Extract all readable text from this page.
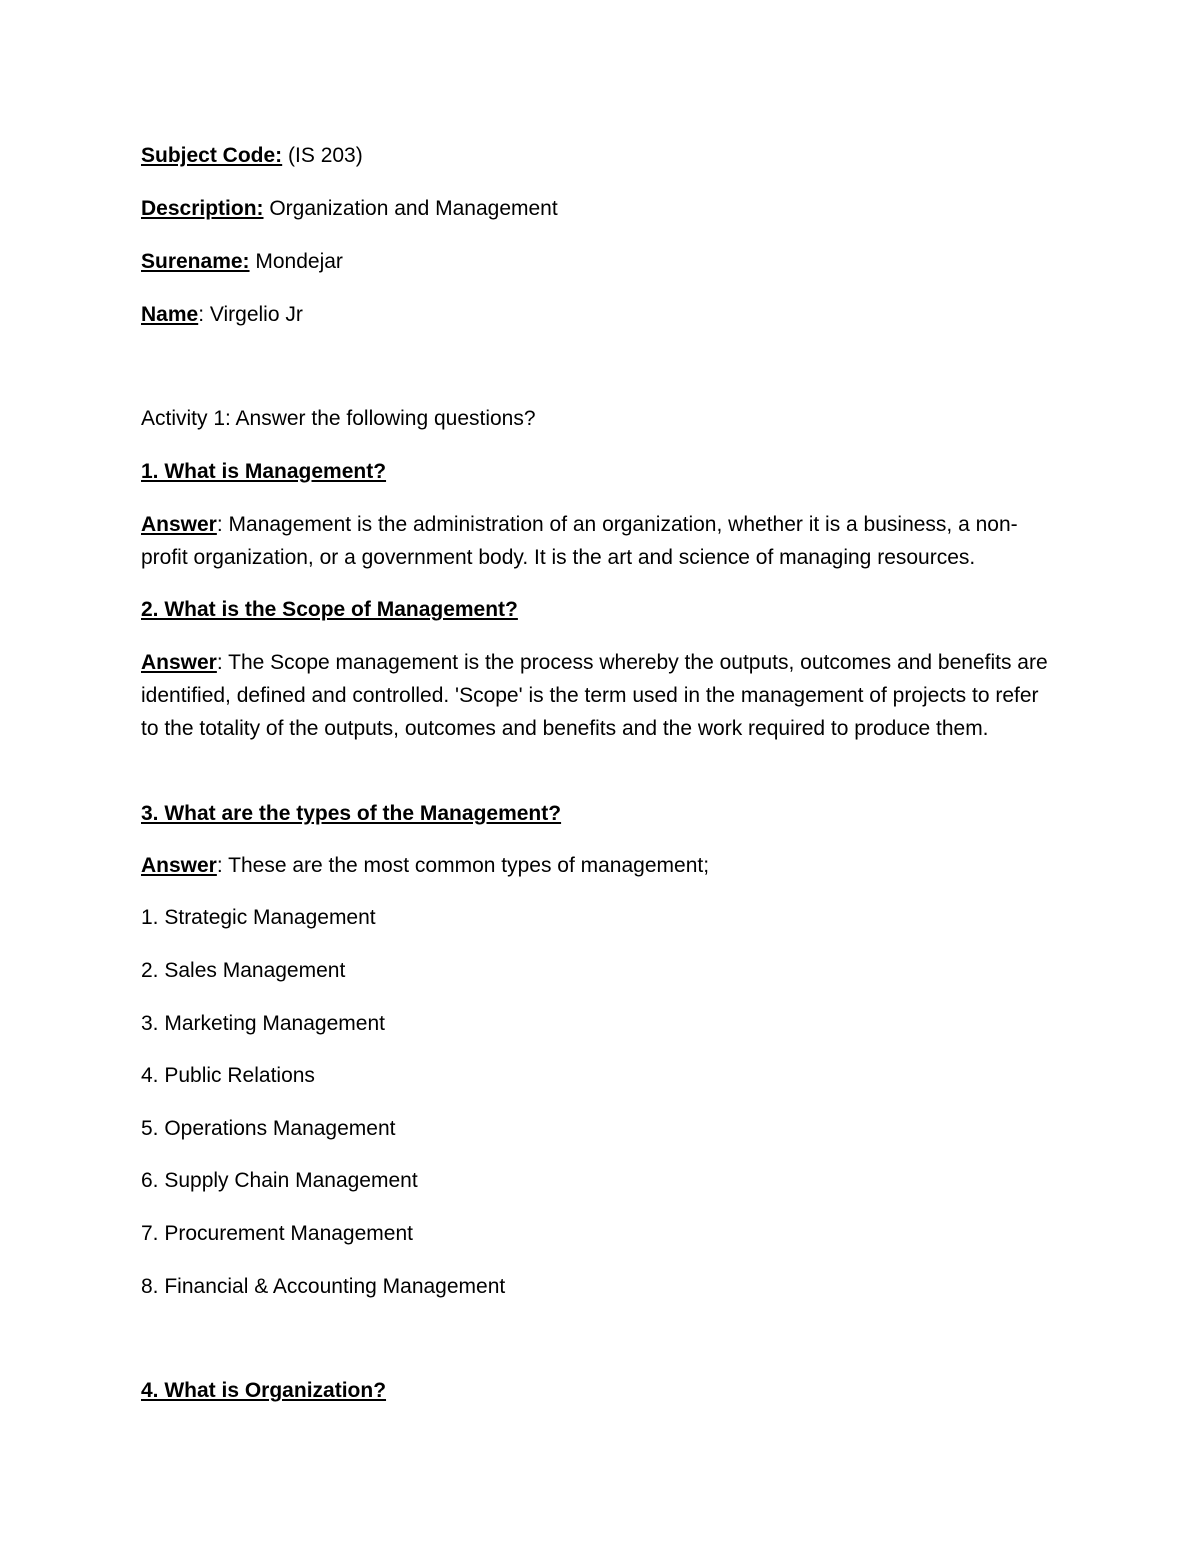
Subject Code: (IS 203)
Description: Organization and Management
Surename: Mondejar
Name: Virgelio Jr
Activity 1: Answer the following questions?
1. What is Management?
Answer: Management is the administration of an organization, whether it is a business, a non-profit organization, or a government body. It is the art and science of managing resources.
2. What is the Scope of Management?
Answer: The Scope management is the process whereby the outputs, outcomes and benefits are identified, defined and controlled. 'Scope' is the term used in the management of projects to refer to the totality of the outputs, outcomes and benefits and the work required to produce them.
3. What are the types of the Management?
Answer: These are the most common types of management;
1. Strategic Management
2. Sales Management
3. Marketing Management
4. Public Relations
5. Operations Management
6. Supply Chain Management
7. Procurement Management
8. Financial & Accounting Management
4. What is Organization?
